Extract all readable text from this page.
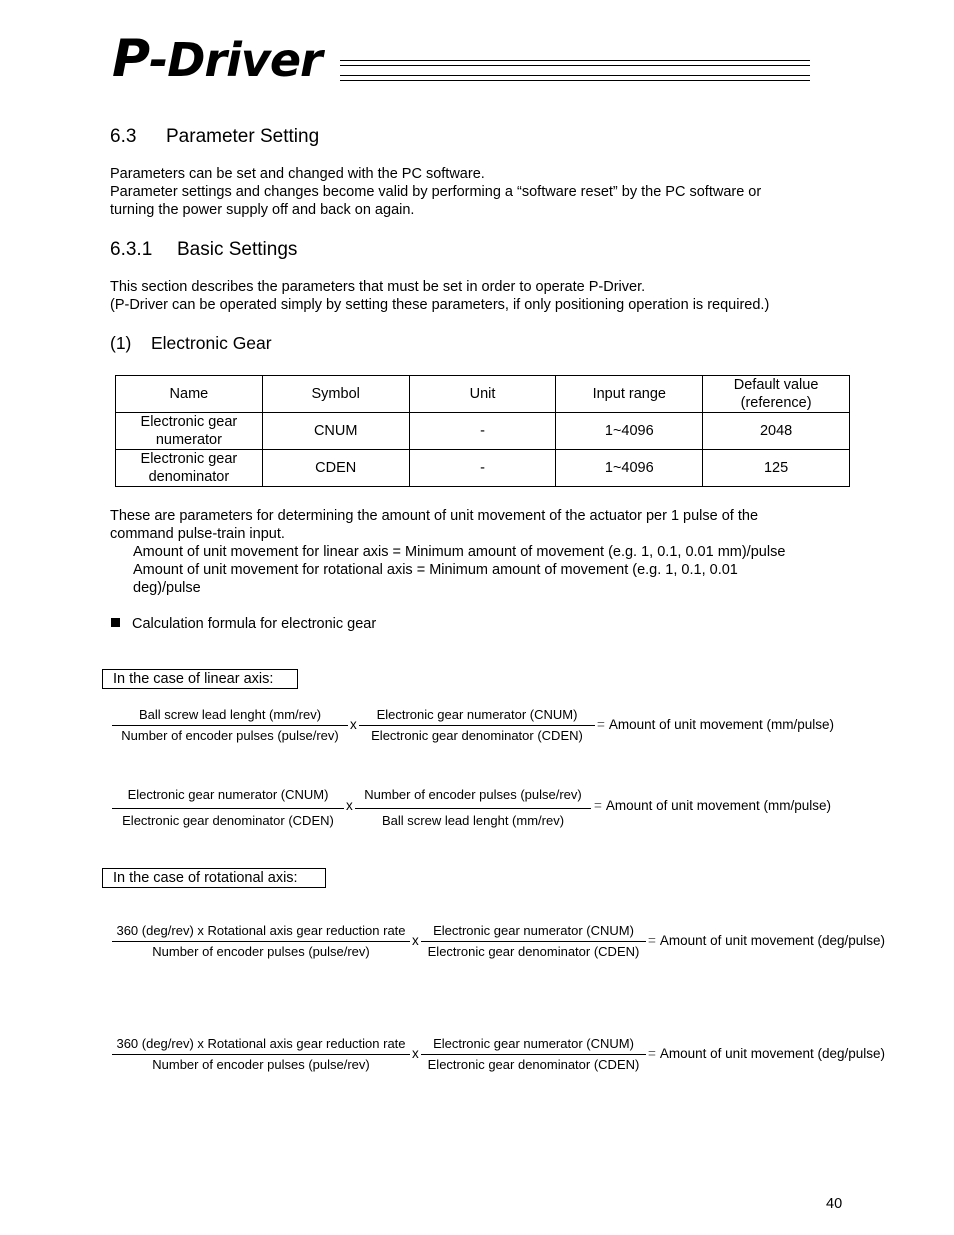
P-Driver
6.3 Parameter Setting
Parameters can be set and changed with the PC software.
Parameter settings and changes become valid by performing a “software reset” by the PC software or
turning the power supply off and back on again.
6.3.1 Basic Settings
This section describes the parameters that must be set in order to operate P-Driver.
(P-Driver can be operated simply by setting these parameters, if only positioning operation is required.)
(1) Electronic Gear
Name	Symbol	Unit	Input range	Default value
(reference)
Electronic gear
numerator	CNUM	-	1~4096	2048
Electronic gear
denominator	CDEN	-	1~4096	125
These are parameters for determining the amount of unit movement of the actuator per 1 pulse of the
command pulse-train input.
Amount of unit movement for linear axis = Minimum amount of movement (e.g. 1, 0.1, 0.01 mm)/pulse
Amount of unit movement for rotational axis = Minimum amount of movement (e.g. 1, 0.1, 0.01
deg)/pulse
Calculation formula for electronic gear
In the case of linear axis:
Ball screw lead lenght (mm/rev)
Number of encoder pulses (pulse/rev)
x
Electronic gear numerator (CNUM)
Electronic gear denominator (CDEN)
= Amount of unit movement (mm/pulse)
Electronic gear numerator (CNUM)
Electronic gear denominator (CDEN)
x
Number of encoder pulses (pulse/rev)
Ball screw lead lenght (mm/rev)
= Amount of unit movement (mm/pulse)
In the case of rotational axis:
360 (deg/rev) x Rotational axis gear reduction rate
Number of encoder pulses (pulse/rev)
x
Electronic gear numerator (CNUM)
Electronic gear denominator (CDEN)
= Amount of unit movement (deg/pulse)
360 (deg/rev) x Rotational axis gear reduction rate
Number of encoder pulses (pulse/rev)
x
Electronic gear numerator (CNUM)
Electronic gear denominator (CDEN)
= Amount of unit movement (deg/pulse)
40
